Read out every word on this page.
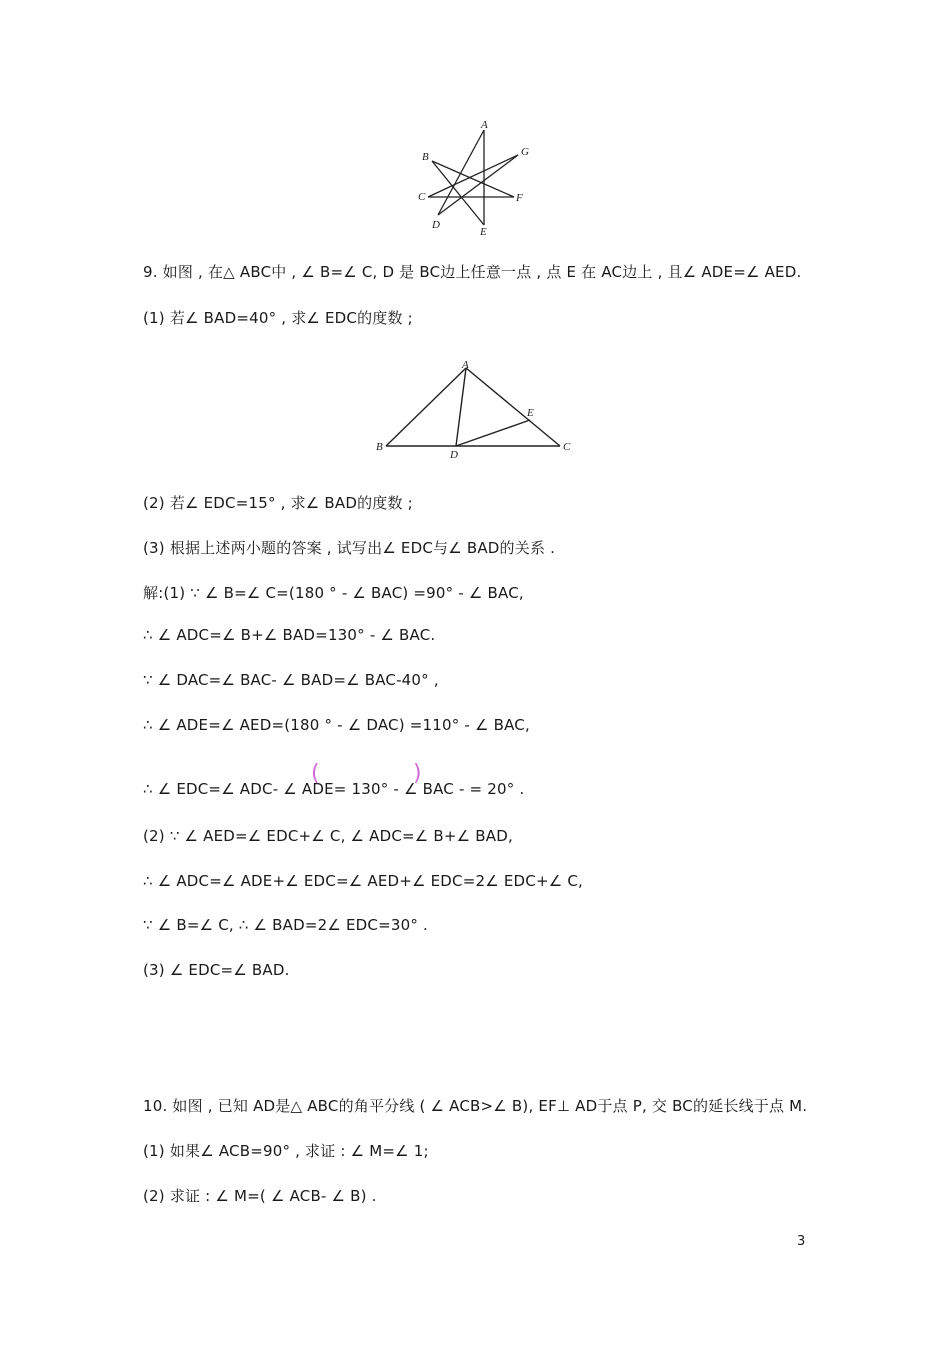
A
B	G
C	F
D
E
9. 如图 , 在△ ABC中 , ∠ B=∠ C, D 是 BC边上任意一点 , 点 E 在 AC边上 , 且∠ ADE=∠ AED.
(1) 若∠ BAD=40° , 求∠ EDC的度数 ;
A
E
B
D
C
(2) 若∠ EDC=15° , 求∠ BAD的度数 ;
(3) 根据上述两小题的答案 , 试写出∠ EDC与∠ BAD的关系 .
解:(1) ∵ ∠ B=∠ C=(180 ° - ∠ BAC) =90° - ∠ BAC,
∴ ∠ ADC=∠ B+∠ BAD=130° - ∠ BAC.
∵ ∠ DAC=∠ BAC- ∠ BAD=∠ BAC-40° ,
∴ ∠ ADE=∠ AED=(180 ° - ∠ DAC) =110° - ∠ BAC,
(	)
∴ ∠ EDC=∠ ADC- ∠ ADE= 130° - ∠ BAC - = 20° .
(2) ∵ ∠ AED=∠ EDC+∠ C, ∠ ADC=∠ B+∠ BAD,
∴ ∠ ADC=∠ ADE+∠ EDC=∠ AED+∠ EDC=2∠ EDC+∠ C,
∵ ∠ B=∠ C, ∴ ∠ BAD=2∠ EDC=30° .
(3) ∠ EDC=∠ BAD.
10. 如图 , 已知 AD是△ ABC的角平分线 ( ∠ ACB>∠ B), EF⊥ AD于点 P, 交 BC的延长线于点 M.
(1) 如果∠ ACB=90° , 求证 : ∠ M=∠ 1;
(2) 求证 : ∠ M=( ∠ ACB- ∠ B) .
3
